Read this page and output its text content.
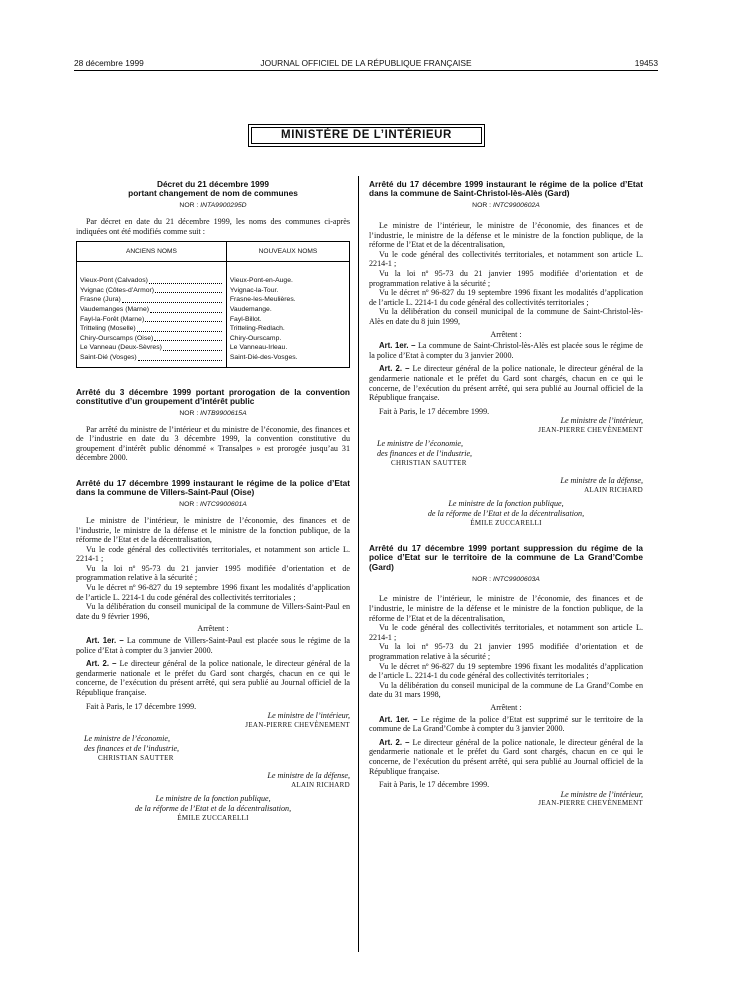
28 décembre 1999	JOURNAL OFFICIEL DE LA RÉPUBLIQUE FRANÇAISE	19453
MINISTÈRE DE L’INTÉRIEUR

Décret du 21 décembre 1999

portant changement de nom de communes

NOR : INTA9900295D

Par décret en date du 21 décembre 1999, les noms des communes ci-après indiquées ont été modifiés comme suit :

ANCIENS NOMS	NOUVEAUX NOMS

Vieux-Pont (Calvados)	Vieux-Pont-en-Auge.

Yvignac (Côtes-d’Armor)	Yvignac-la-Tour.

Frasne (Jura)	Frasne-les-Meulières.

Vaudemanges (Marne)	Vaudemange.

Fayl-la-Forêt (Marne)	Fayl-Billot.

Tritteling (Moselle)	Tritteling-Redlach.

Chiry-Ourscamps (Oise)	Chiry-Ourscamp.

Le Vanneau (Deux-Sèvres)	Le Vanneau-Irleau.

Saint-Dié (Vosges)	Saint-Dié-des-Vosges.

Arrêté du 3 décembre 1999 portant prorogation de la convention constitutive d’un groupement d’intérêt public

NOR : INTB9900615A

Par arrêté du ministre de l’intérieur et du ministre de l’économie, des finances et de l’industrie en date du 3 décembre 1999, la convention constitutive du groupement d’intérêt public dénommé « Transalpes » est prorogée jusqu’au 31 décembre 2000.

Arrêté du 17 décembre 1999 instaurant le régime de la police d’Etat dans la commune de Villers-Saint-Paul (Oise)

NOR : INTC9900601A

Le ministre de l’intérieur, le ministre de l’économie, des finances et de l’industrie, le ministre de la défense et le ministre de la fonction publique, de la réforme de l’Etat et de la décentralisation,

Vu le code général des collectivités territoriales, et notamment son article L. 2214-1 ;

Vu la loi nº 95-73 du 21 janvier 1995 modifiée d’orientation et de programmation relative à la sécurité ;

Vu le décret nº 96-827 du 19 septembre 1996 fixant les modalités d’application de l’article L. 2214-1 du code général des collectivités territoriales ;

Vu la délibération du conseil municipal de la commune de Villers-Saint-Paul en date du 9 février 1996,

Arrêtent :

Art. 1er. – La commune de Villers-Saint-Paul est placée sous le régime de la police d’Etat à compter du 3 janvier 2000.

Art. 2. – Le directeur général de la police nationale, le directeur général de la gendarmerie nationale et le préfet du Gard sont chargés, chacun en ce qui le concerne, de l’exécution du présent arrêté, qui sera publié au Journal officiel de la République française.

Fait à Paris, le 17 décembre 1999.

Le ministre de l’intérieur,
JEAN-PIERRE CHEVÈNEMENT
Le ministre de l’économie,
des finances et de l’industrie,
CHRISTIAN SAUTTER
Le ministre de la défense,
ALAIN RICHARD
Le ministre de la fonction publique,
de la réforme de l’Etat et de la décentralisation,
ÉMILE ZUCCARELLI

Arrêté du 17 décembre 1999 instaurant le régime de la police d’Etat dans la commune de Saint-Christol-lès-Alès (Gard)

NOR : INTC9900602A

Le ministre de l’intérieur, le ministre de l’économie, des finances et de l’industrie, le ministre de la défense et le ministre de la fonction publique, de la réforme de l’Etat et de la décentralisation,

Vu le code général des collectivités territoriales, et notamment son article L. 2214-1 ;

Vu la loi nº 95-73 du 21 janvier 1995 modifiée d’orientation et de programmation relative à la sécurité ;

Vu le décret nº 96-827 du 19 septembre 1996 fixant les modalités d’application de l’article L. 2214-1 du code général des collectivités territoriales ;

Vu la délibération du conseil municipal de la commune de Saint-Christol-lès-Alès en date du 8 juin 1999,

Arrêtent :

Art. 1er. – La commune de Saint-Christol-lès-Alès est placée sous le régime de la police d’Etat à compter du 3 janvier 2000.

Art. 2. – Le directeur général de la police nationale, le directeur général de la gendarmerie nationale et le préfet du Gard sont chargés, chacun en ce qui le concerne, de l’exécution du présent arrêté, qui sera publié au Journal officiel de la République française.

Fait à Paris, le 17 décembre 1999.

Le ministre de l’intérieur,
JEAN-PIERRE CHEVÈNEMENT
Le ministre de l’économie,
des finances et de l’industrie,
CHRISTIAN SAUTTER
Le ministre de la défense,
ALAIN RICHARD
Le ministre de la fonction publique,
de la réforme de l’Etat et de la décentralisation,
ÉMILE ZUCCARELLI

Arrêté du 17 décembre 1999 portant suppression du régime de la police d’Etat sur le territoire de la commune de La Grand’Combe (Gard)

NOR : INTC9900603A

Le ministre de l’intérieur, le ministre de l’économie, des finances et de l’industrie, le ministre de la défense et le ministre de la fonction publique, de la réforme de l’Etat et de la décentralisation,

Vu le code général des collectivités territoriales, et notamment son article L. 2214-1 ;

Vu la loi nº 95-73 du 21 janvier 1995 modifiée d’orientation et de programmation relative à la sécurité ;

Vu le décret nº 96-827 du 19 septembre 1996 fixant les modalités d’application de l’article L. 2214-1 du code général des collectivités territoriales ;

Vu la délibération du conseil municipal de la commune de La Grand’Combe en date du 31 mars 1998,

Arrêtent :

Art. 1er. – Le régime de la police d’Etat est supprimé sur le territoire de la commune de La Grand’Combe à compter du 3 janvier 2000.

Art. 2. – Le directeur général de la police nationale, le directeur général de la gendarmerie nationale et le préfet du Gard sont chargés, chacun en ce qui le concerne, de l’exécution du présent arrêté, qui sera publié au Journal officiel de la République française.

Fait à Paris, le 17 décembre 1999.

Le ministre de l’intérieur,
JEAN-PIERRE CHEVÈNEMENT
